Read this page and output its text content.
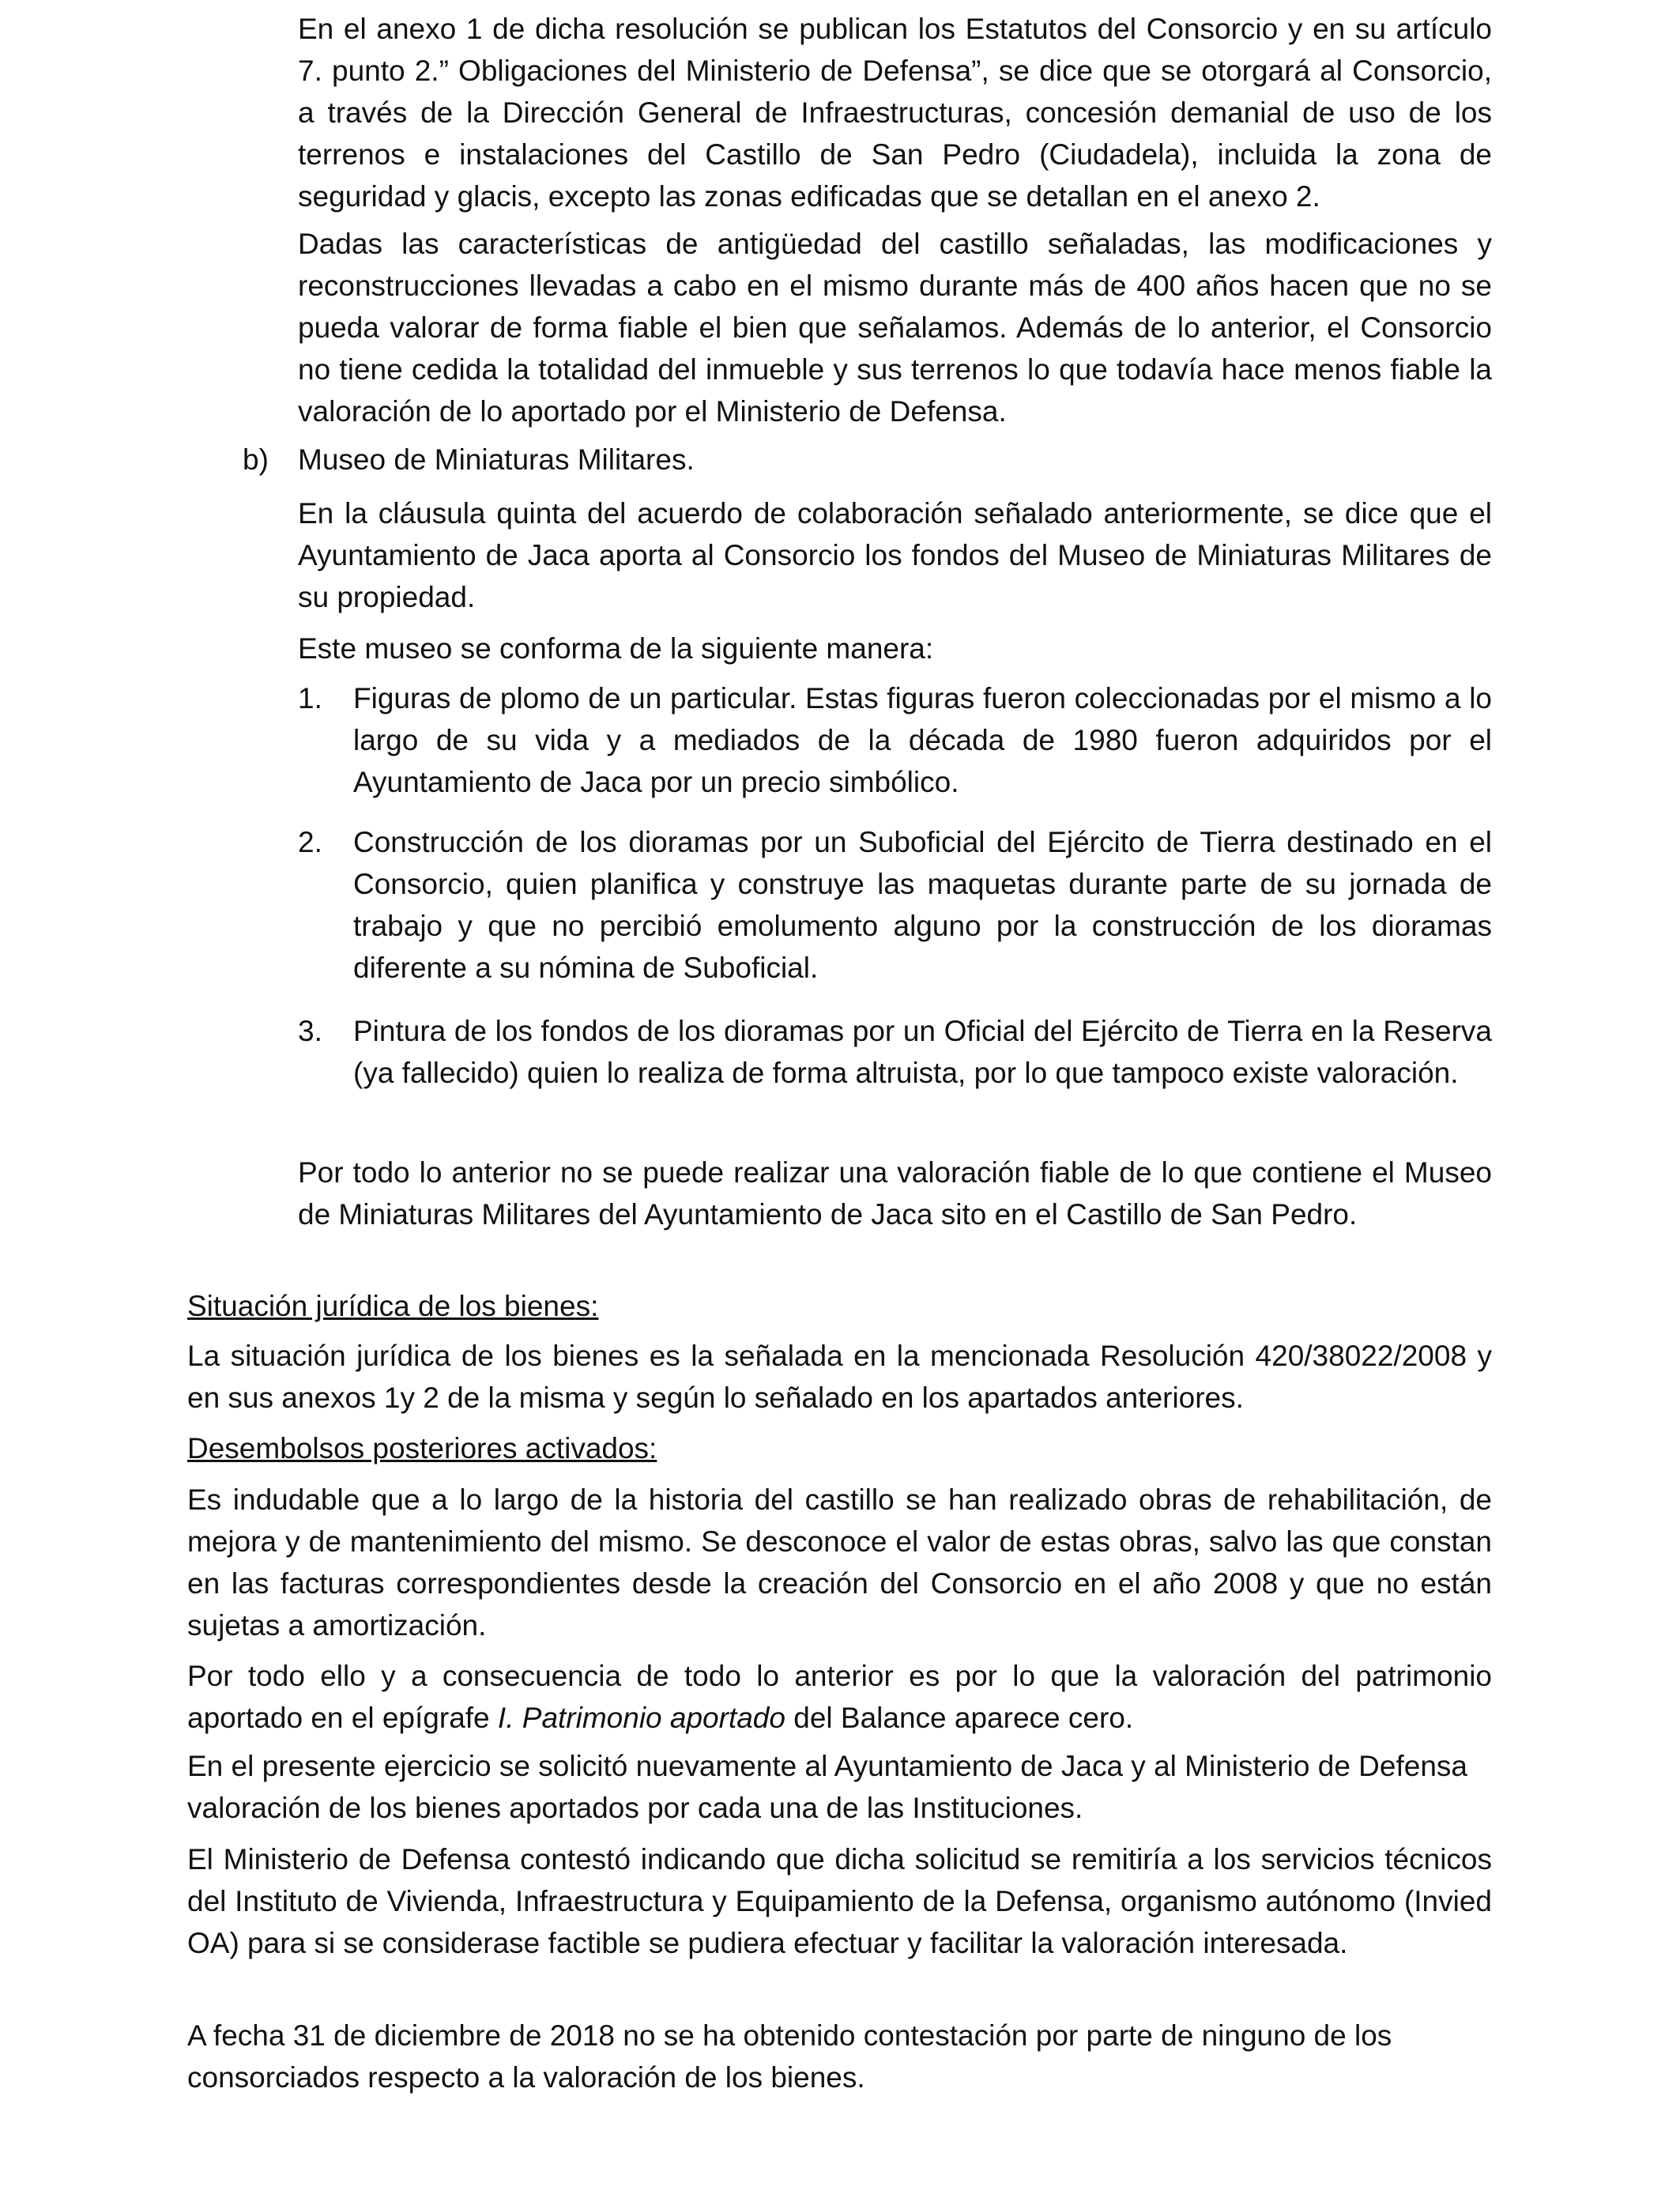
En el anexo 1 de dicha resolución se publican los Estatutos del Consorcio y en su artículo 7. punto 2.” Obligaciones del Ministerio de Defensa”, se dice que se otorgará al Consorcio, a través de la Dirección General de Infraestructuras, concesión demanial de uso de los terrenos e instalaciones del Castillo de San Pedro (Ciudadela), incluida la zona de seguridad y glacis, excepto las zonas edificadas que se detallan en el anexo 2.

Dadas las características de antigüedad del castillo señaladas, las modificaciones y reconstrucciones llevadas a cabo en el mismo durante más de 400 años hacen que no se pueda valorar de forma fiable el bien que señalamos. Además de lo anterior, el Consorcio no tiene cedida la totalidad del inmueble y sus terrenos lo que todavía hace menos fiable la valoración de lo aportado por el Ministerio de Defensa.

b) Museo de Miniaturas Militares.

En la cláusula quinta del acuerdo de colaboración señalado anteriormente, se dice que el Ayuntamiento de Jaca aporta al Consorcio los fondos del Museo de Miniaturas Militares de su propiedad.

Este museo se conforma de la siguiente manera:

1. Figuras de plomo de un particular. Estas figuras fueron coleccionadas por el mismo a lo largo de su vida y a mediados de la década de 1980 fueron adquiridos por el Ayuntamiento de Jaca por un precio simbólico.

2. Construcción de los dioramas por un Suboficial del Ejército de Tierra destinado en el Consorcio, quien planifica y construye las maquetas durante parte de su jornada de trabajo y que no percibió emolumento alguno por la construcción de los dioramas diferente a su nómina de Suboficial.

3. Pintura de los fondos de los dioramas por un Oficial del Ejército de Tierra en la Reserva (ya fallecido) quien lo realiza de forma altruista, por lo que tampoco existe valoración.

Por todo lo anterior no se puede realizar una valoración fiable de lo que contiene el Museo de Miniaturas Militares del Ayuntamiento de Jaca sito en el Castillo de San Pedro.

Situación jurídica de los bienes:

La situación jurídica de los bienes es la señalada en la mencionada Resolución 420/38022/2008 y en sus anexos 1y 2 de la misma y según lo señalado en los apartados anteriores.

Desembolsos posteriores activados:

Es indudable que a lo largo de la historia del castillo se han realizado obras de rehabilitación, de mejora y de mantenimiento del mismo. Se desconoce el valor de estas obras, salvo las que constan en las facturas correspondientes desde la creación del Consorcio en el año 2008 y que no están sujetas a amortización.

Por todo ello y a consecuencia de todo lo anterior es por lo que la valoración del patrimonio aportado en el epígrafe I. Patrimonio aportado del Balance aparece cero.

En el presente ejercicio se solicitó nuevamente al Ayuntamiento de Jaca y al Ministerio de Defensa valoración de los bienes aportados por cada una de las Instituciones.

El Ministerio de Defensa contestó indicando que dicha solicitud se remitiría a los servicios técnicos del Instituto de Vivienda, Infraestructura y Equipamiento de la Defensa, organismo autónomo (Invied OA) para si se considerase factible se pudiera efectuar y facilitar la valoración interesada.

A fecha 31 de diciembre de 2018 no se ha obtenido contestación por parte de ninguno de los consorciados respecto a la valoración de los bienes.
